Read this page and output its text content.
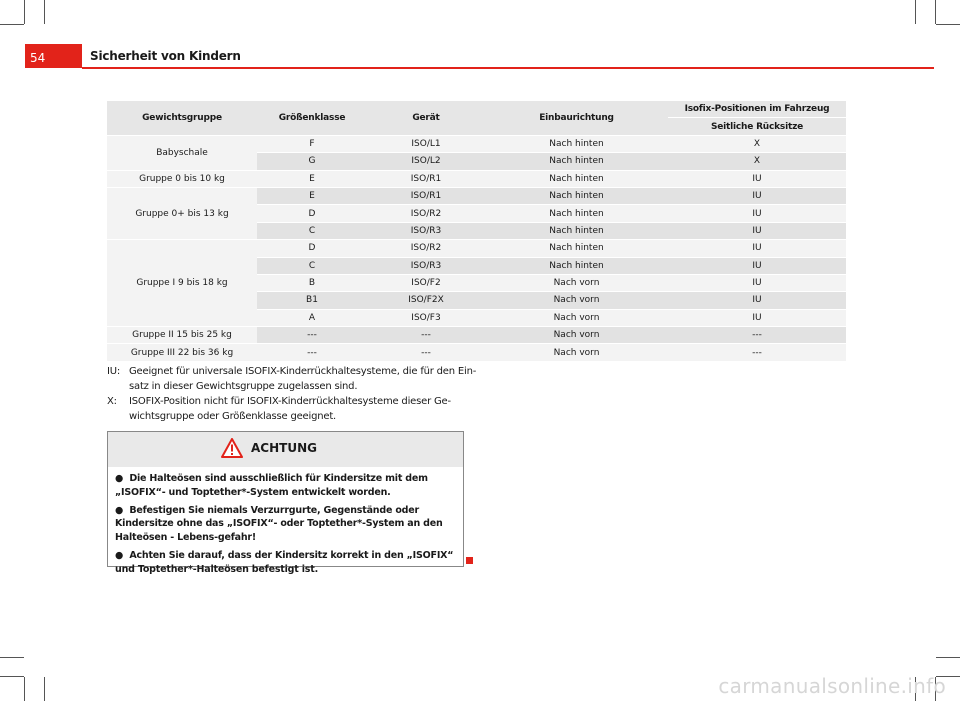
54	Sicherheit von Kindern
Gewichtsgruppe	Größenklasse	Gerät	Einbaurichtung	Isofix-Positionen im Fahrzeug
				Seitliche Rücksitze
Babyschale	F	ISO/L1	Nach hinten	X
	G	ISO/L2	Nach hinten	X
Gruppe 0 bis 10 kg	E	ISO/R1	Nach hinten	IU
Gruppe 0+ bis 13 kg	E	ISO/R1	Nach hinten	IU
	D	ISO/R2	Nach hinten	IU
	C	ISO/R3	Nach hinten	IU
Gruppe I 9 bis 18 kg	D	ISO/R2	Nach hinten	IU
	C	ISO/R3	Nach hinten	IU
	B	ISO/F2	Nach vorn	IU
	B1	ISO/F2X	Nach vorn	IU
	A	ISO/F3	Nach vorn	IU
Gruppe II 15 bis 25 kg	---	---	Nach vorn	---
Gruppe III 22 bis 36 kg	---	---	Nach vorn	---
IU: Geeignet für universale ISOFIX-Kinderrückhaltesysteme, die für den Ein-satz in dieser Gewichtsgruppe zugelassen sind.
X: ISOFIX-Position nicht für ISOFIX-Kinderrückhaltesysteme dieser Ge-wichtsgruppe oder Größenklasse geeignet.
ACHTUNG

● Die Halteösen sind ausschließlich für Kindersitze mit dem „ISOFIX“- und Toptether*-System entwickelt worden.

● Befestigen Sie niemals Verzurrgurte, Gegenstände oder Kindersitze ohne das „ISOFIX“- oder Toptether*-System an den Halteösen - Lebens-gefahr!

● Achten Sie darauf, dass der Kindersitz korrekt in den „ISOFIX“ und Toptether*-Halteösen befestigt ist.

carmanualsonline.info
